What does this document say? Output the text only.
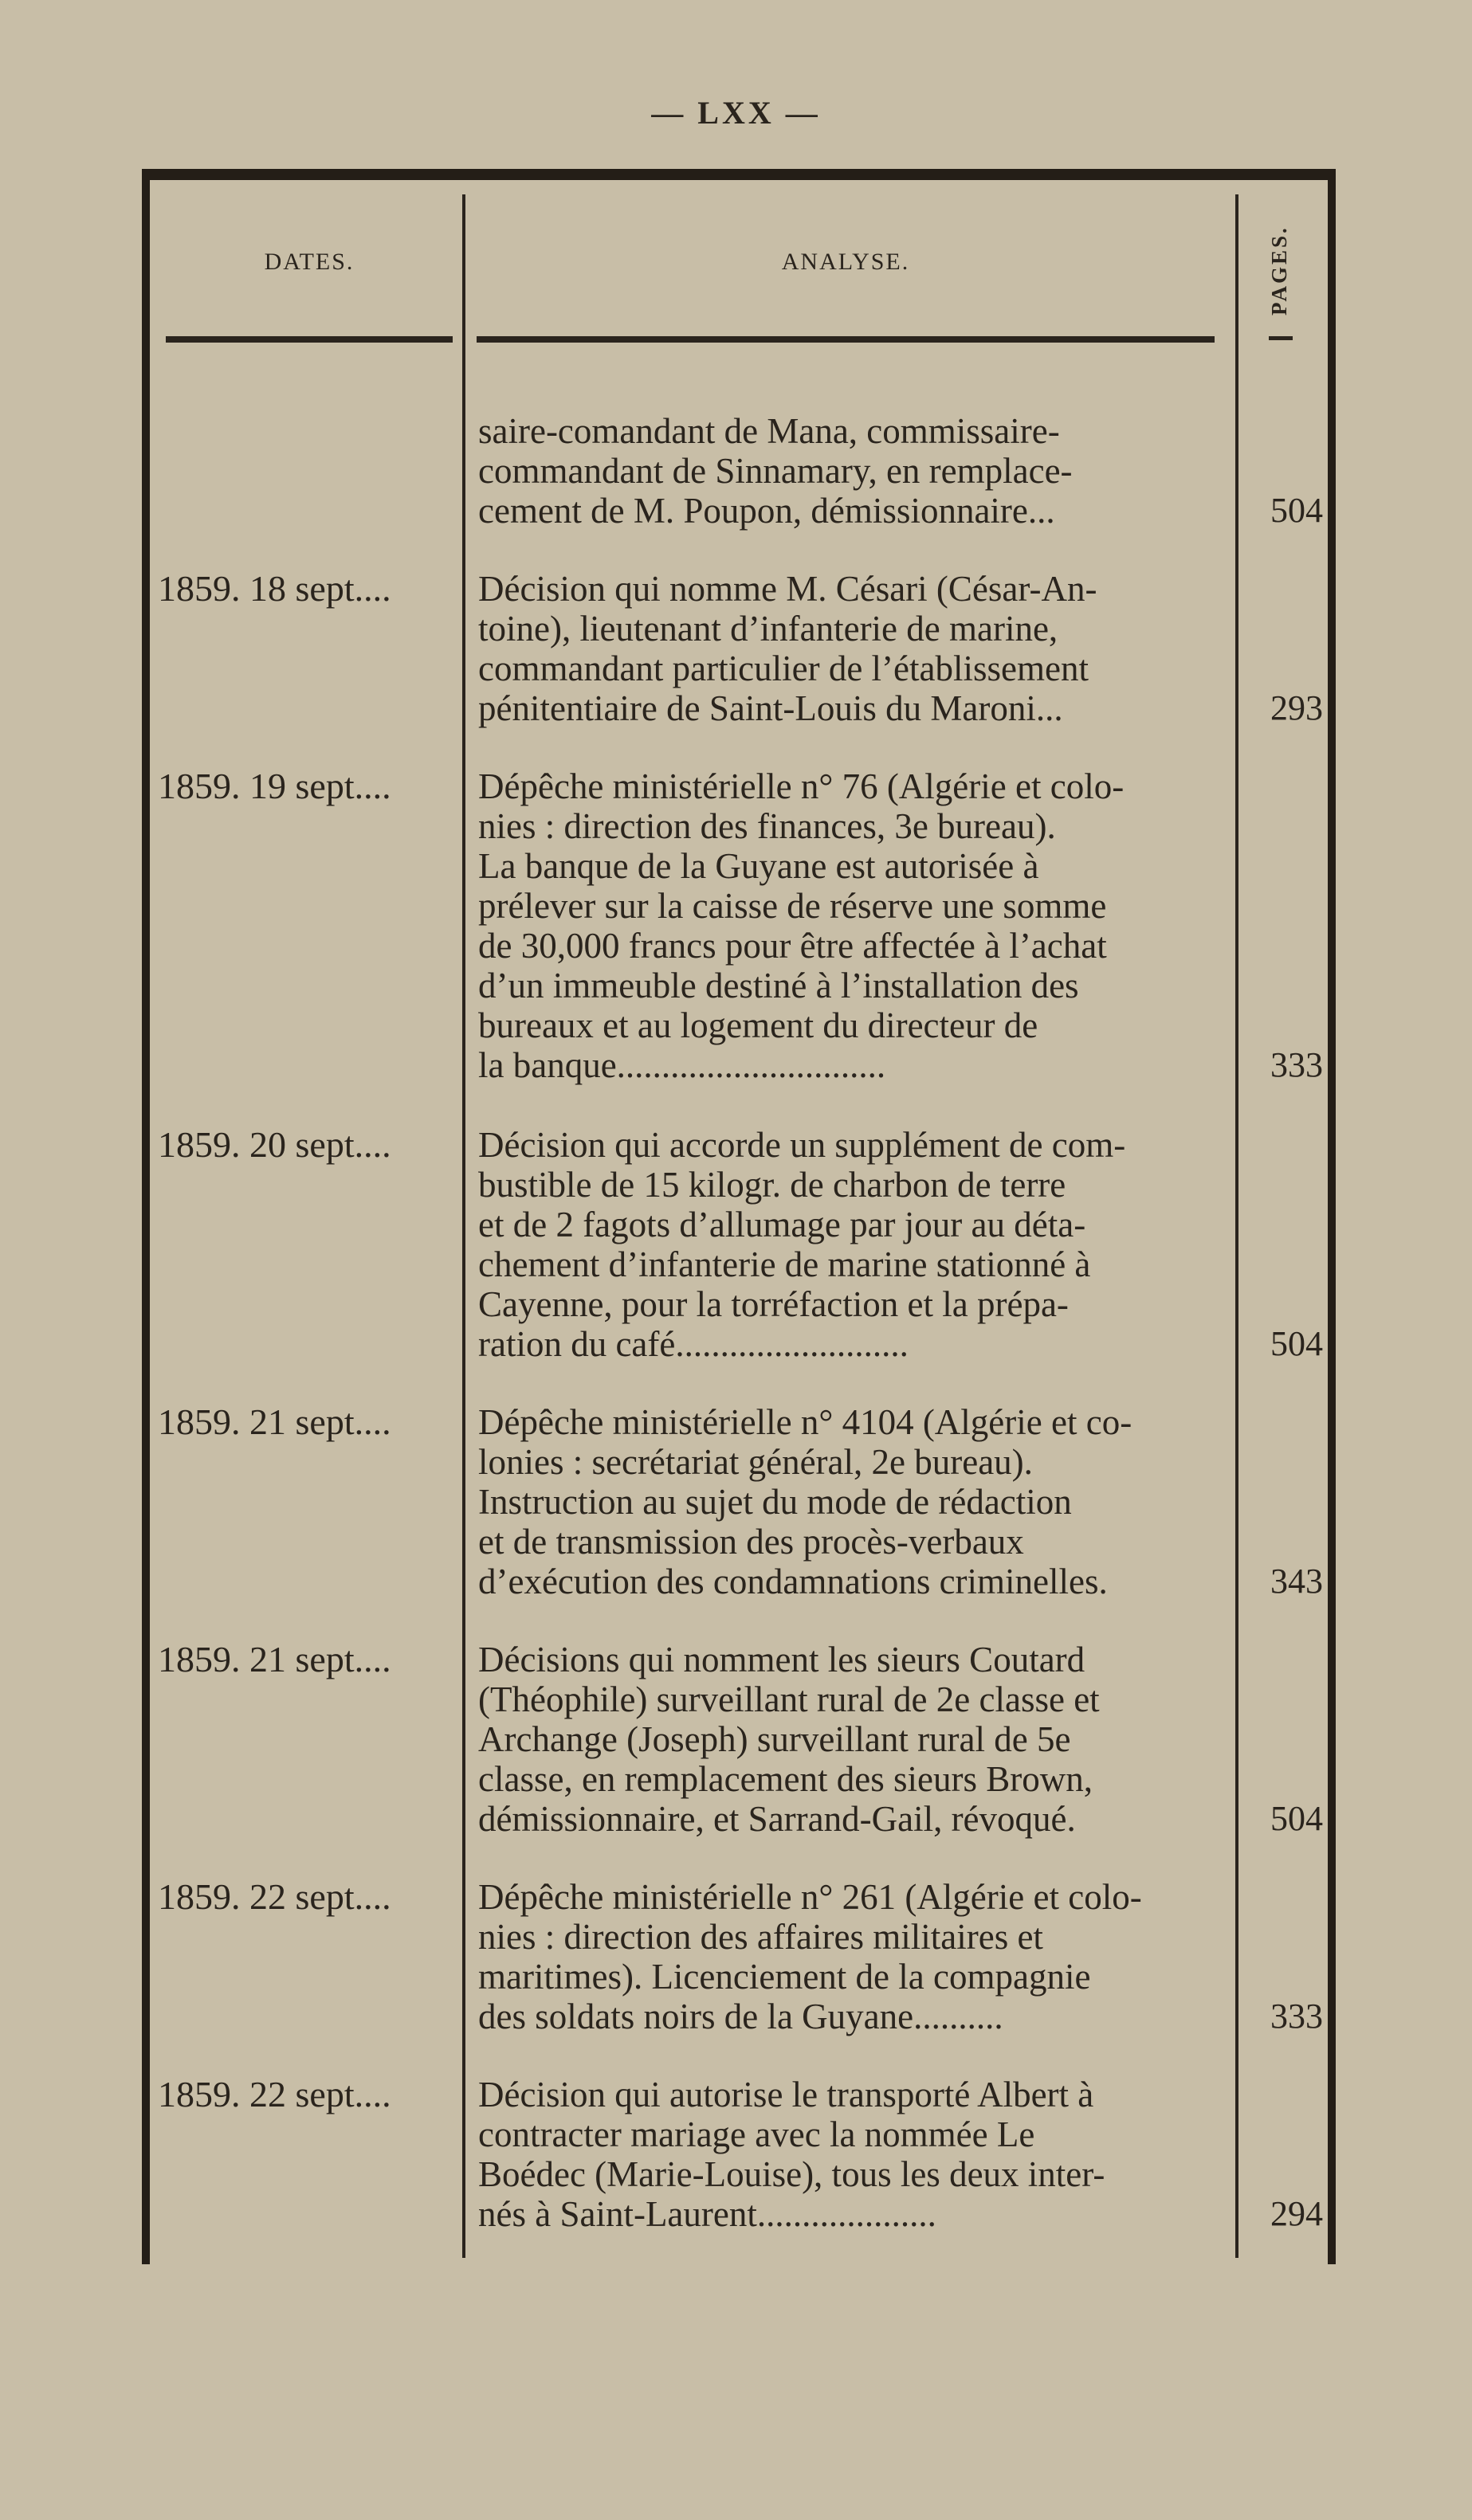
— LXX —
DATES.	ANALYSE.	PAGES.
saire-comandant de Mana, commissaire-
commandant de Sinnamary, en remplace-
cement de M. Poupon, démissionnaire...	504
1859. 18 sept....	Décision qui nomme M. Césari (César-An-
toine), lieutenant d’infanterie de marine,
commandant particulier de l’établissement
pénitentiaire de Saint-Louis du Maroni...	293
1859. 19 sept....	Dépêche ministérielle n° 76 (Algérie et colo-
nies : direction des finances, 3e bureau).
La banque de la Guyane est autorisée à
prélever sur la caisse de réserve une somme
de 30,000 francs pour être affectée à l’achat
d’un immeuble destiné à l’installation des
bureaux et au logement du directeur de
la banque..............................	333
1859. 20 sept....	Décision qui accorde un supplément de com-
bustible de 15 kilogr. de charbon de terre
et de 2 fagots d’allumage par jour au déta-
chement d’infanterie de marine stationné à
Cayenne, pour la torréfaction et la prépa-
ration du café..........................	504
1859. 21 sept....	Dépêche ministérielle n° 4104 (Algérie et co-
lonies : secrétariat général, 2e bureau).
Instruction au sujet du mode de rédaction
et de transmission des procès-verbaux
d’exécution des condamnations criminelles.	343
1859. 21 sept....	Décisions qui nomment les sieurs Coutard
(Théophile) surveillant rural de 2e classe et
Archange (Joseph) surveillant rural de 5e
classe, en remplacement des sieurs Brown,
démissionnaire, et Sarrand-Gail, révoqué.	504
1859. 22 sept....	Dépêche ministérielle n° 261 (Algérie et colo-
nies : direction des affaires militaires et
maritimes). Licenciement de la compagnie
des soldats noirs de la Guyane..........	333
1859. 22 sept....	Décision qui autorise le transporté Albert à
contracter mariage avec la nommée Le
Boédec (Marie-Louise), tous les deux inter-
nés à Saint-Laurent....................	294
